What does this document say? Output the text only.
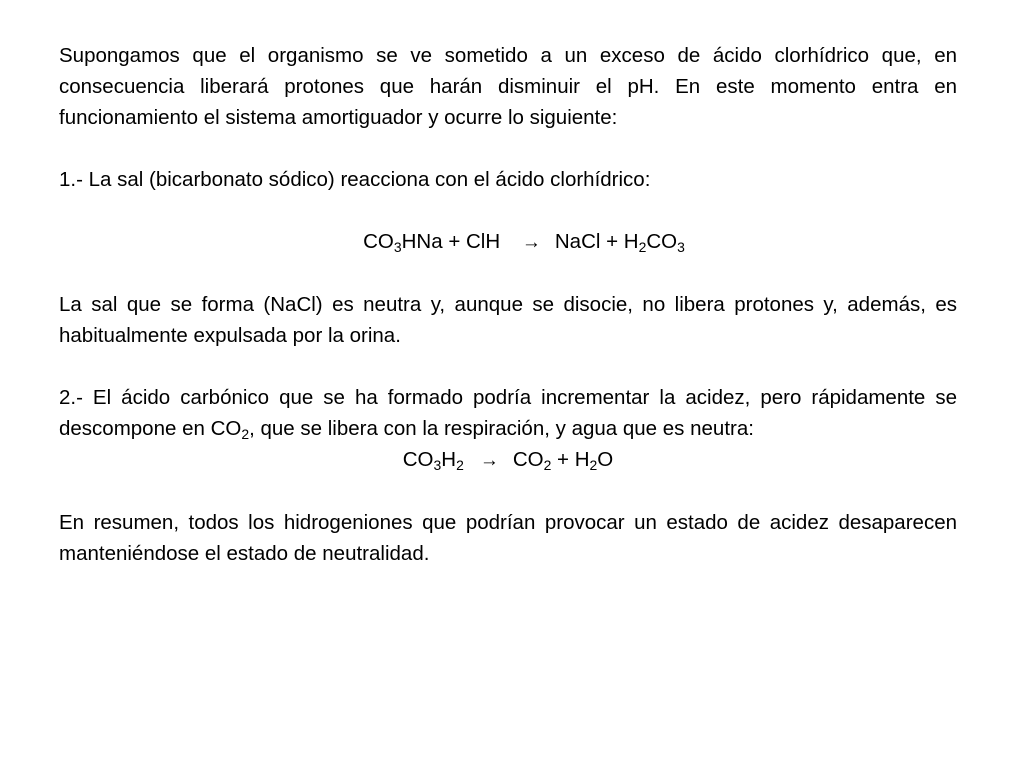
Supongamos que el organismo se ve sometido a un exceso de ácido clorhídrico que, en consecuencia liberará protones que harán disminuir el pH. En este momento entra en funcionamiento el sistema amortiguador y ocurre lo siguiente:

1.- La sal (bicarbonato sódico) reacciona con el ácido clorhídrico:

$CO_3HNa$ + ClH → NaCl + $H_2CO_3$

La sal que se forma (NaCl) es neutra y, aunque se disocie, no libera protones y, además, es habitualmente expulsada por la orina.

2.- El ácido carbónico que se ha formado podría incrementar la acidez, pero rápidamente se descompone en $CO_2$, que se libera con la respiración, y agua que es neutra:

$CO_3H_2 \to CO_2 + H_2O$

En resumen, todos los hidrogeniones que podrían provocar un estado de acidez desaparecen manteniéndose el estado de neutralidad.
